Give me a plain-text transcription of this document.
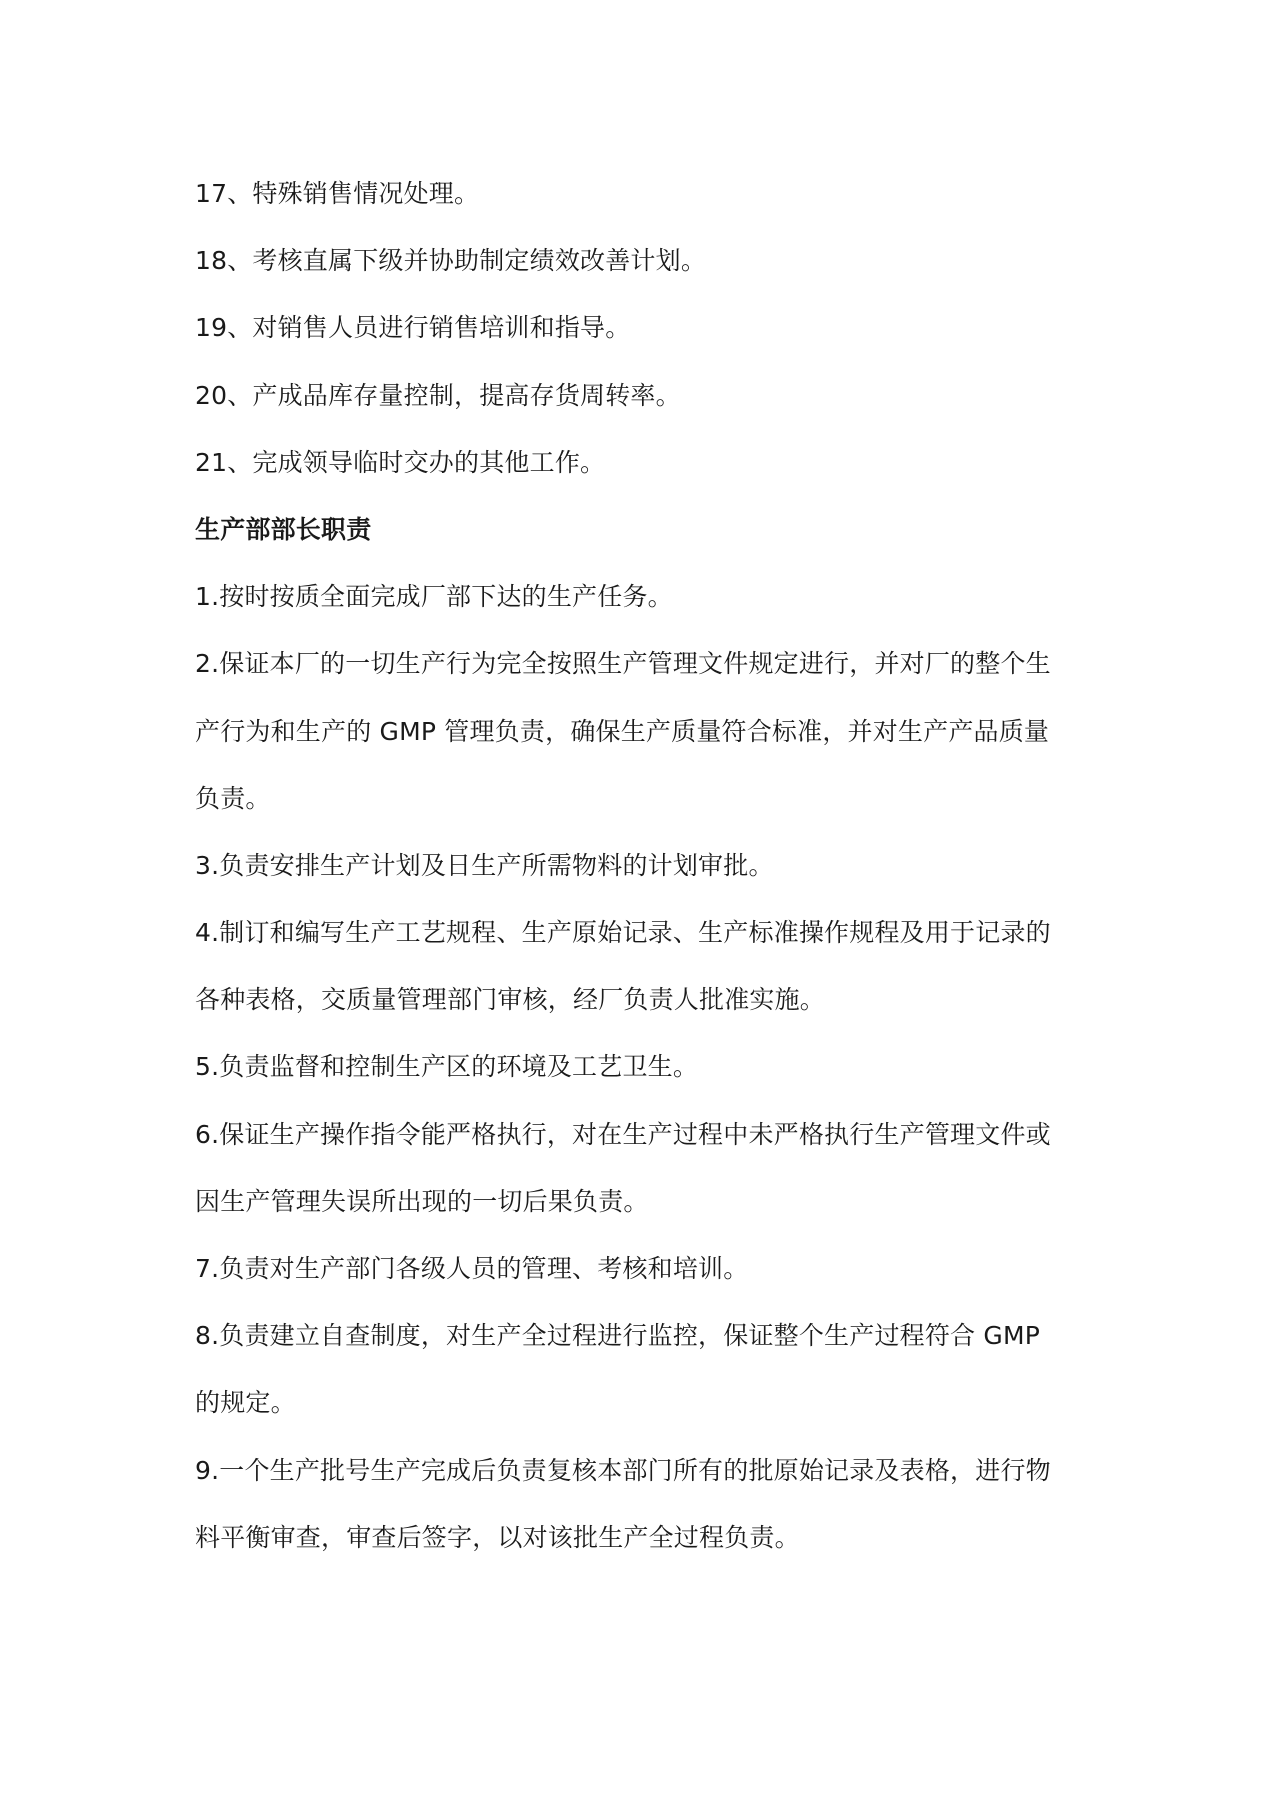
17、特殊销售情况处理。
18、考核直属下级并协助制定绩效改善计划。
19、对销售人员进行销售培训和指导。
20、产成品库存量控制，提高存货周转率。
21、完成领导临时交办的其他工作。
生产部部长职责
1.按时按质全面完成厂部下达的生产任务。
2.保证本厂的一切生产行为完全按照生产管理文件规定进行，并对厂的整个生
产行为和生产的 GMP 管理负责，确保生产质量符合标准，并对生产产品质量
负责。
3.负责安排生产计划及日生产所需物料的计划审批。
4.制订和编写生产工艺规程、生产原始记录、生产标准操作规程及用于记录的
各种表格，交质量管理部门审核，经厂负责人批准实施。
5.负责监督和控制生产区的环境及工艺卫生。
6.保证生产操作指令能严格执行，对在生产过程中未严格执行生产管理文件或
因生产管理失误所出现的一切后果负责。
7.负责对生产部门各级人员的管理、考核和培训。
8.负责建立自查制度，对生产全过程进行监控，保证整个生产过程符合 GMP
的规定。
9.一个生产批号生产完成后负责复核本部门所有的批原始记录及表格，进行物
料平衡审查，审查后签字，以对该批生产全过程负责。
